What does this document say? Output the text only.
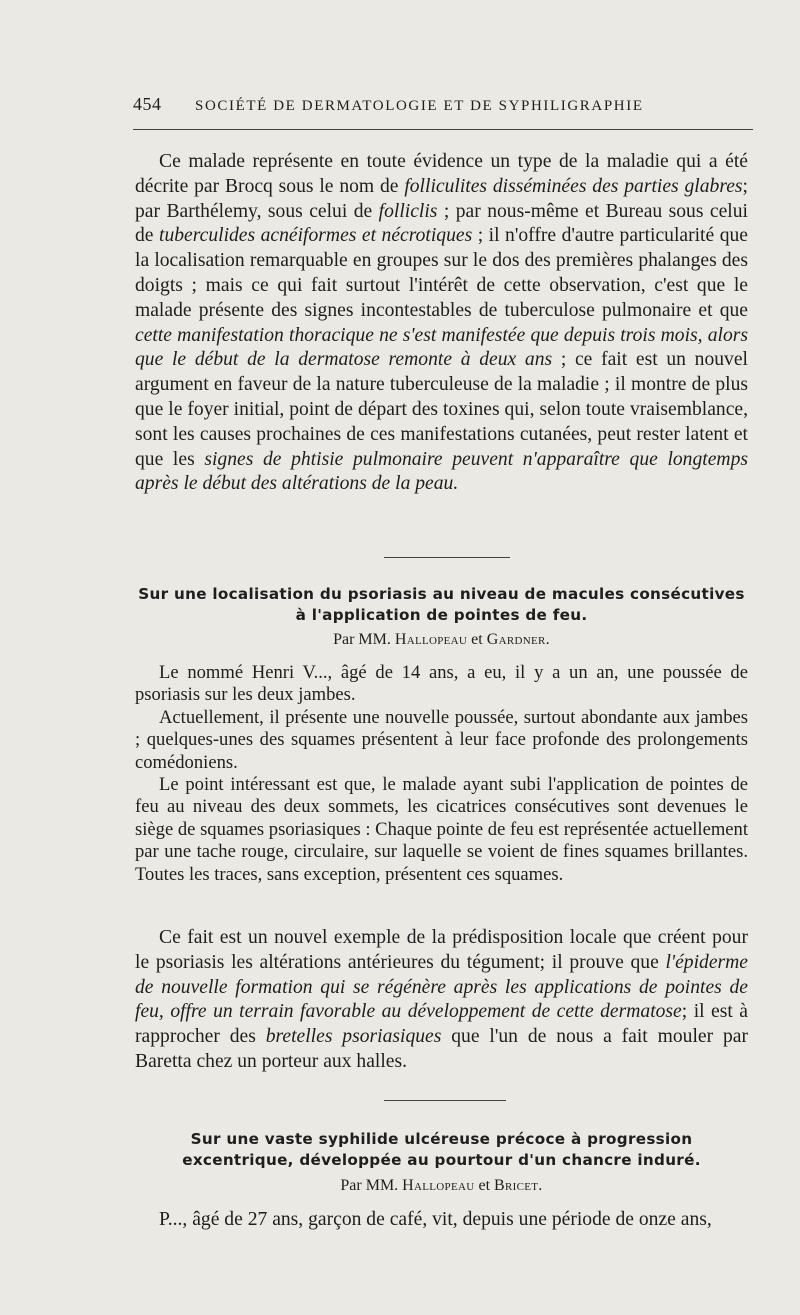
454	SOCIÉTÉ DE DERMATOLOGIE ET DE SYPHILIGRAPHIE

Ce malade représente en toute évidence un type de la maladie qui a été décrite par Brocq sous le nom de folliculites disséminées des parties glabres; par Barthélemy, sous celui de folliclis ; par nous-même et Bureau sous celui de tuberculides acnéiformes et nécrotiques ; il n'offre d'autre particularité que la localisation remarquable en groupes sur le dos des premières phalanges des doigts ; mais ce qui fait surtout l'intérêt de cette observation, c'est que le malade présente des signes incontestables de tuberculose pulmonaire et que cette manifestation thoracique ne s'est manifestée que depuis trois mois, alors que le début de la dermatose remonte à deux ans ; ce fait est un nouvel argument en faveur de la nature tuberculeuse de la maladie ; il montre de plus que le foyer initial, point de départ des toxines qui, selon toute vraisemblance, sont les causes prochaines de ces manifestations cutanées, peut rester latent et que les signes de phtisie pulmonaire peuvent n'apparaître que longtemps après le début des altérations de la peau.

Sur une localisation du psoriasis au niveau de macules consécutives à l'application de pointes de feu.
Par MM. Hallopeau et Gardner.

Le nommé Henri V..., âgé de 14 ans, a eu, il y a un an, une poussée de psoriasis sur les deux jambes.

Actuellement, il présente une nouvelle poussée, surtout abondante aux jambes ; quelques-unes des squames présentent à leur face profonde des prolongements comédoniens.

Le point intéressant est que, le malade ayant subi l'application de pointes de feu au niveau des deux sommets, les cicatrices consécutives sont devenues le siège de squames psoriasiques : Chaque pointe de feu est représentée actuellement par une tache rouge, circulaire, sur laquelle se voient de fines squames brillantes. Toutes les traces, sans exception, présentent ces squames.

Ce fait est un nouvel exemple de la prédisposition locale que créent pour le psoriasis les altérations antérieures du tégument; il prouve que l'épiderme de nouvelle formation qui se régénère après les applications de pointes de feu, offre un terrain favorable au développement de cette dermatose; il est à rapprocher des bretelles psoriasiques que l'un de nous a fait mouler par Baretta chez un porteur aux halles.

Sur une vaste syphilide ulcéreuse précoce à progression excentrique, développée au pourtour d'un chancre induré.
Par MM. Hallopeau et Bricet.

P..., âgé de 27 ans, garçon de café, vit, depuis une période de onze ans,
